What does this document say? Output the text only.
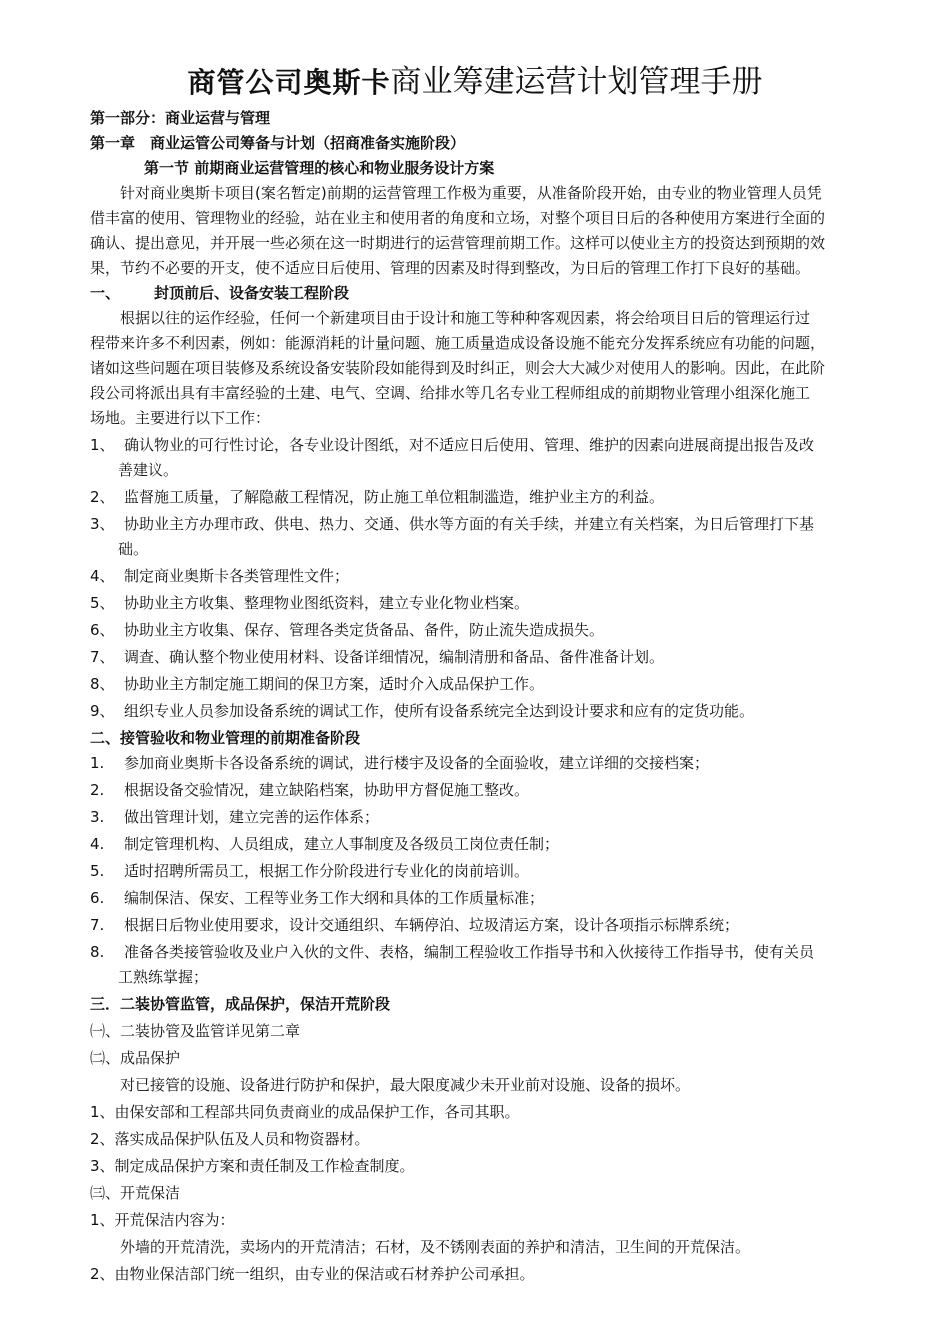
商管公司奥斯卡商业筹建运营计划管理手册
第一部分：商业运营与管理
第一章　商业运管公司筹备与计划（招商准备实施阶段）
第一节 前期商业运营管理的核心和物业服务设计方案
针对商业奥斯卡项目(案名暂定)前期的运营管理工作极为重要，从准备阶段开始，由专业的物业管理人员凭
借丰富的使用、管理物业的经验，站在业主和使用者的角度和立场，对整个项目日后的各种使用方案进行全面的
确认、提出意见，并开展一些必须在这一时期进行的运营管理前期工作。这样可以使业主方的投资达到预期的效
果，节约不必要的开支，使不适应日后使用、管理的因素及时得到整改，为日后的管理工作打下良好的基础。
一、 封顶前后、设备安装工程阶段
根据以往的运作经验，任何一个新建项目由于设计和施工等种种客观因素，将会给项目日后的管理运行过
程带来许多不利因素，例如：能源消耗的计量问题、施工质量造成设备设施不能充分发挥系统应有功能的问题，
诸如这些问题在项目装修及系统设备安装阶段如能得到及时纠正，则会大大减少对使用人的影响。因此，在此阶
段公司将派出具有丰富经验的土建、电气、空调、给排水等几名专业工程师组成的前期物业管理小组深化施工
场地。主要进行以下工作：
1、 确认物业的可行性讨论，各专业设计图纸，对不适应日后使用、管理、维护的因素向进展商提出报告及改
善建议。
2、 监督施工质量，了解隐蔽工程情况，防止施工单位粗制滥造，维护业主方的利益。
3、 协助业主方办理市政、供电、热力、交通、供水等方面的有关手续，并建立有关档案，为日后管理打下基
础。
4、 制定商业奥斯卡各类管理性文件；
5、 协助业主方收集、整理物业图纸资料，建立专业化物业档案。
6、 协助业主方收集、保存、管理各类定货备品、备件，防止流失造成损失。
7、 调查、确认整个物业使用材料、设备详细情况，编制清册和备品、备件准备计划。
8、 协助业主方制定施工期间的保卫方案，适时介入成品保护工作。
9、 组织专业人员参加设备系统的调试工作，使所有设备系统完全达到设计要求和应有的定货功能。
二、接管验收和物业管理的前期准备阶段
1. 参加商业奥斯卡各设备系统的调试，进行楼宇及设备的全面验收，建立详细的交接档案；
2. 根据设备交验情况，建立缺陷档案，协助甲方督促施工整改。
3. 做出管理计划，建立完善的运作体系；
4. 制定管理机构、人员组成，建立人事制度及各级员工岗位责任制；
5. 适时招聘所需员工，根据工作分阶段进行专业化的岗前培训。
6. 编制保洁、保安、工程等业务工作大纲和具体的工作质量标准；
7. 根据日后物业使用要求，设计交通组织、车辆停泊、垃圾清运方案，设计各项指示标牌系统；
8. 准备各类接管验收及业户入伙的文件、表格，编制工程验收工作指导书和入伙接待工作指导书，使有关员
工熟练掌握；
三．二装协管监管，成品保护，保洁开荒阶段
㈠、二装协管及监管详见第二章
㈡、成品保护
对已接管的设施、设备进行防护和保护，最大限度减少未开业前对设施、设备的损坏。
1、由保安部和工程部共同负责商业的成品保护工作，各司其职。
2、落实成品保护队伍及人员和物资器材。
3、制定成品保护方案和责任制及工作检查制度。
㈢、开荒保洁
1、开荒保洁内容为：
外墙的开荒清洗，卖场内的开荒清洁；石材，及不锈刚表面的养护和清洁，卫生间的开荒保洁。
2、由物业保洁部门统一组织，由专业的保洁或石材养护公司承担。
